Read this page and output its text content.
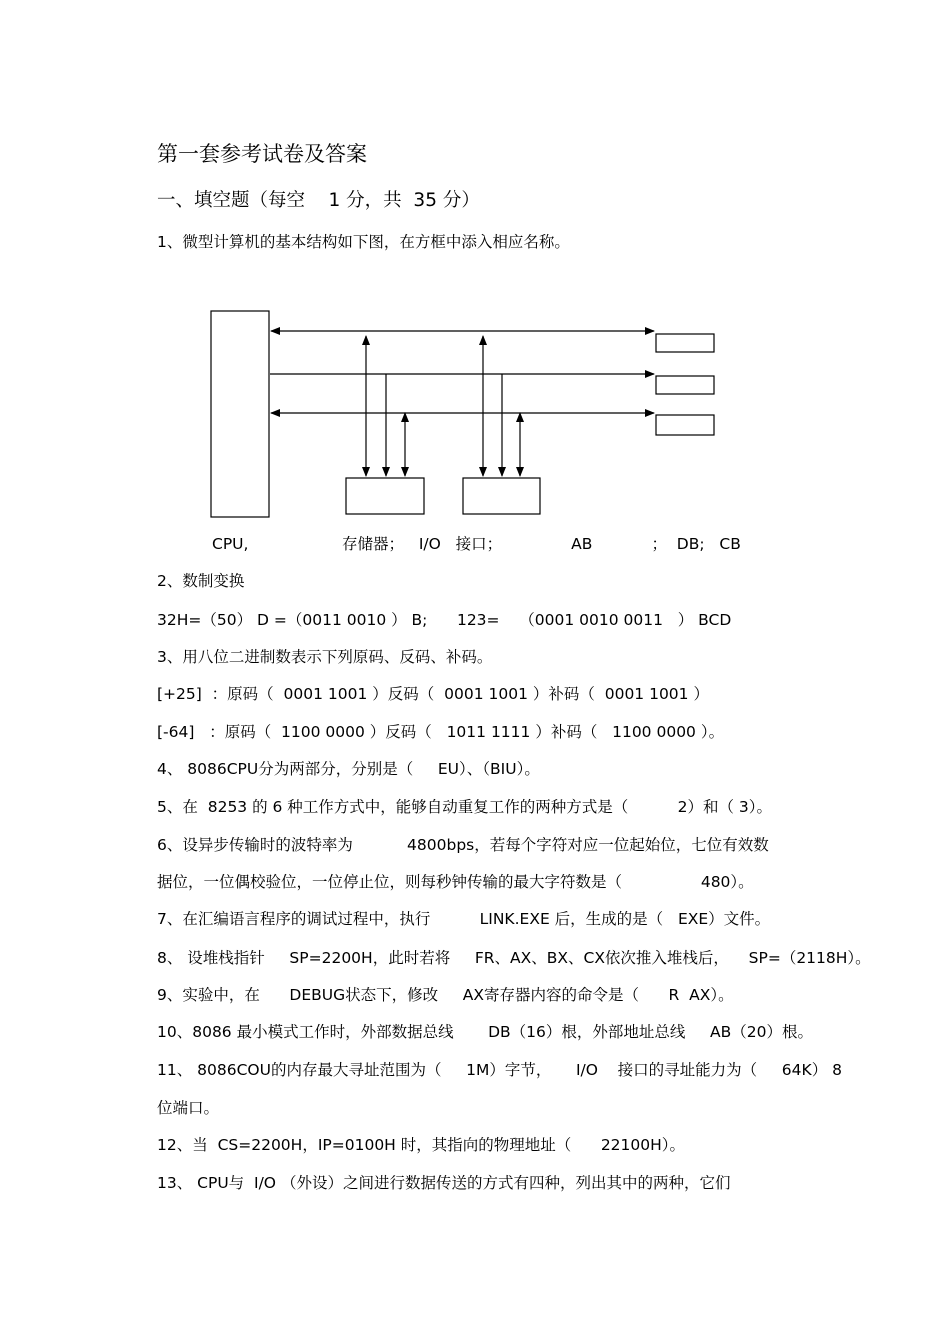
第一套参考试卷及答案
一、填空题（每空    1 分，共  35 分）
1、微型计算机的基本结构如下图，在方框中添入相应名称。
CPU,                   存储器；   I/O   接口；              AB            ；  DB;   CB
2、数制变换
32H=（50） D =（0011 0010 ） B;      123=    （0001 0010 0011   ） BCD
3、用八位二进制数表示下列原码、反码、补码。
[+25]  ：原码（  0001 1001 ）反码（  0001 1001 ）补码（  0001 1001 ）
[-64]   ：原码（  1100 0000 ）反码（   1011 1111 ）补码（   1100 0000 ）。
4、 8086CPU分为两部分，分别是（     EU）、（BIU）。
5、在  8253 的 6 种工作方式中，能够自动重复工作的两种方式是（          2）和（ 3）。
6、设异步传输时的波特率为           4800bps，若每个字符对应一位起始位，七位有效数
据位，一位偶校验位，一位停止位，则每秒钟传输的最大字符数是（                480）。
7、在汇编语言程序的调试过程中，执行          LINK.EXE 后，生成的是（   EXE）文件。
8、 设堆栈指针     SP=2200H，此时若将     FR、AX、BX、CX依次推入堆栈后，    SP=（2118H）。
9、实验中，在      DEBUG状态下，修改     AX寄存器内容的命令是（      R  AX）。
10、8086 最小模式工作时，外部数据总线       DB（16）根，外部地址总线     AB（20）根。
11、 8086COU的内存最大寻址范围为（     1M）字节，     I/O    接口的寻址能力为（     64K） 8
位端口。
12、当  CS=2200H，IP=0100H 时，其指向的物理地址（      22100H）。
13、 CPU与  I/O （外设）之间进行数据传送的方式有四种，列出其中的两种，它们
